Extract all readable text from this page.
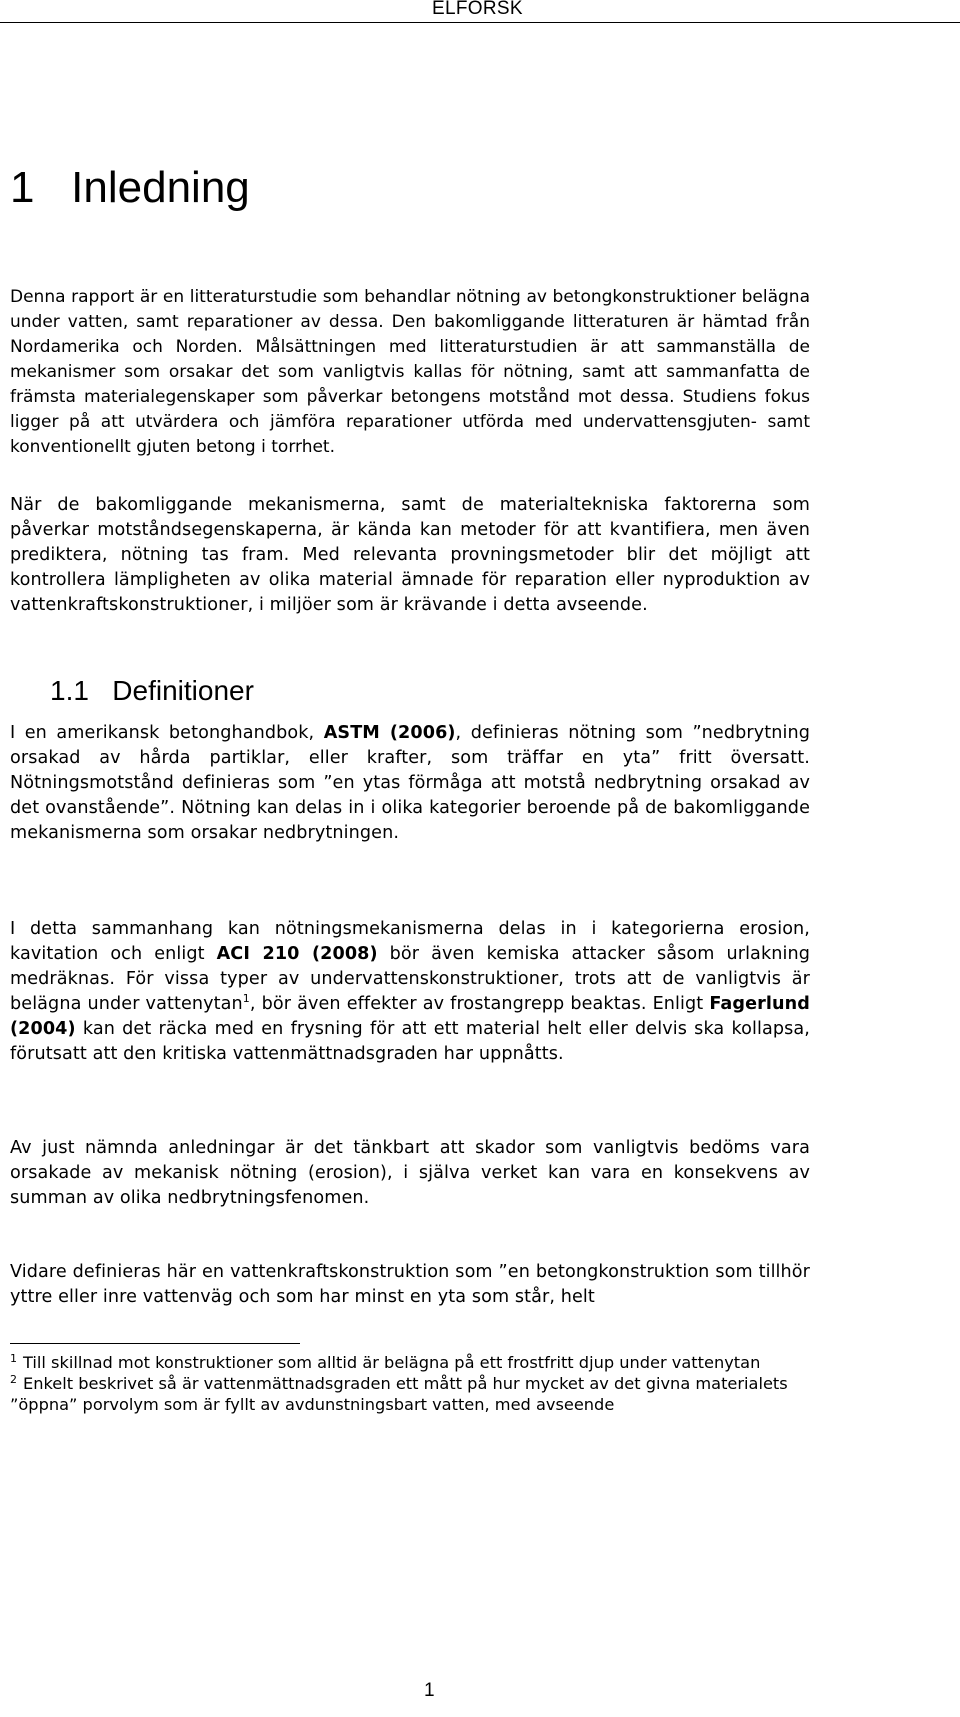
ELFORSK
1 Inledning

Denna rapport är en litteraturstudie som behandlar nötning av betongkonstruktioner belägna under vatten, samt reparationer av dessa. Den bakomliggande litteraturen är hämtad från Nordamerika och Norden. Målsättningen med litteraturstudien är att sammanställa de mekanismer som orsakar det som vanligtvis kallas för nötning, samt att sammanfatta de främsta materialegenskaper som påverkar betongens motstånd mot dessa. Studiens fokus ligger på att utvärdera och jämföra reparationer utförda med undervattensgjuten- samt konventionellt gjuten betong i torrhet.

När de bakomliggande mekanismerna, samt de materialtekniska faktorerna som påverkar motståndsegenskaperna, är kända kan metoder för att kvantifiera, men även prediktera, nötning tas fram. Med relevanta provningsmetoder blir det möjligt att kontrollera lämpligheten av olika material ämnade för reparation eller nyproduktion av vattenkraftskonstruktioner, i miljöer som är krävande i detta avseende.

1.1 Definitioner

I en amerikansk betonghandbok, ASTM (2006), definieras nötning som ”nedbrytning orsakad av hårda partiklar, eller krafter, som träffar en yta” fritt översatt. Nötningsmotstånd definieras som ”en ytas förmåga att motstå nedbrytning orsakad av det ovanstående”. Nötning kan delas in i olika kategorier beroende på de bakomliggande mekanismerna som orsakar nedbrytningen.

I detta sammanhang kan nötningsmekanismerna delas in i kategorierna erosion, kavitation och enligt ACI 210 (2008) bör även kemiska attacker såsom urlakning medräknas. För vissa typer av undervattenskonstruktioner, trots att de vanligtvis är belägna under vattenytan$^1$, bör även effekter av frostangrepp beaktas. Enligt Fagerlund (2004) kan det räcka med en frysning för att ett material helt eller delvis ska kollapsa, förutsatt att den kritiska vattenmättnadsgraden har uppnåtts.

Av just nämnda anledningar är det tänkbart att skador som vanligtvis bedöms vara orsakade av mekanisk nötning (erosion), i själva verket kan vara en konsekvens av summan av olika nedbrytningsfenomen.

Vidare definieras här en vattenkraftskonstruktion som ”en betongkonstruktion som tillhör yttre eller inre vattenväg och som har minst en yta som står, helt

$^1$ Till skillnad mot konstruktioner som alltid är belägna på ett frostfritt djup under vattenytan

$^2$ Enkelt beskrivet så är vattenmättnadsgraden ett mått på hur mycket av det givna materialets ”öppna” porvolym som är fyllt av avdunstningsbart vatten, med avseende

1
